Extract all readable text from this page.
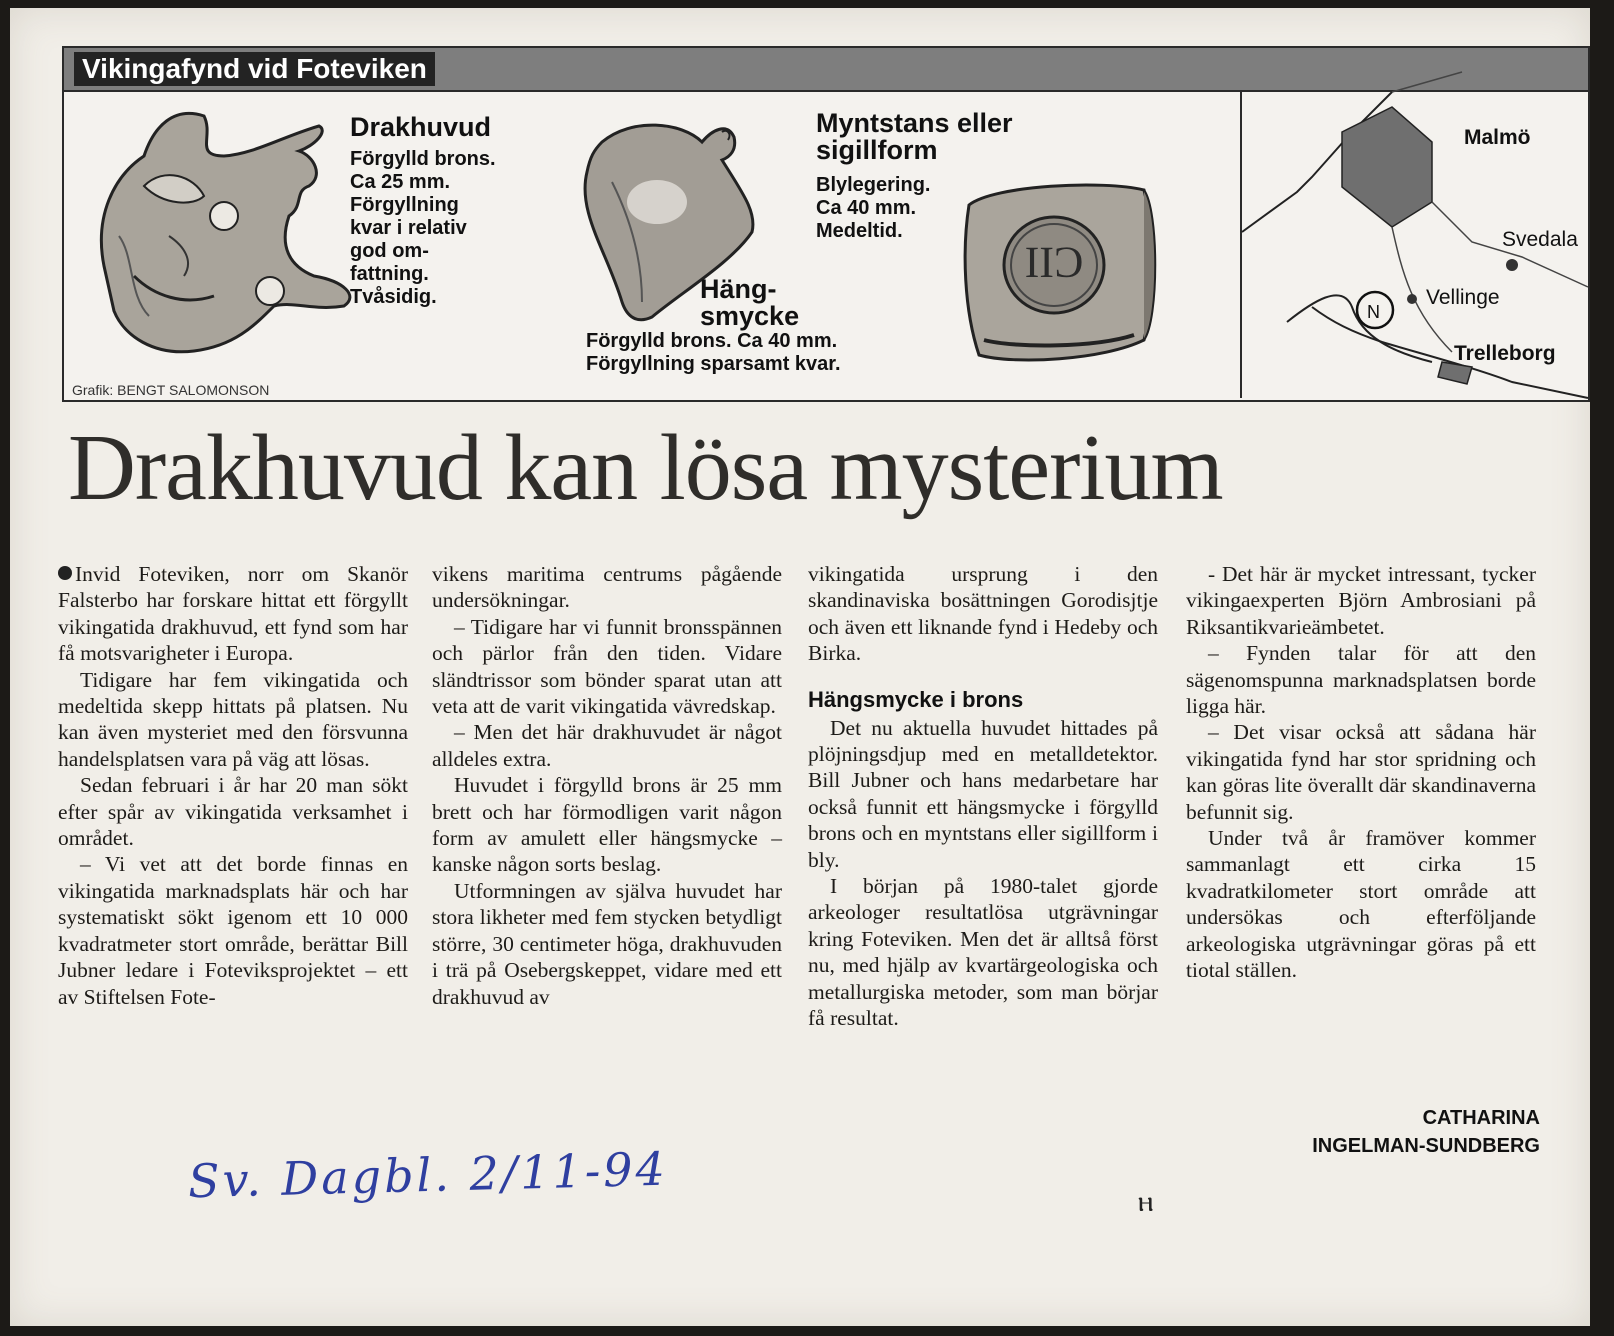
Vikingafynd vid Foteviken
Drakhuvud
Förgylld brons.
Ca 25 mm.
Förgyllning
kvar i relativ
god om-
fattning.
Tvåsidig.	Häng-
smycke
Förgylld brons. Ca 40 mm.
Förgyllning sparsamt kvar.
Myntstans eller
sigillform
Blylegering.
Ca 40 mm.
Medeltid.
CII
Grafik: BENGT SALOMONSON
N
Malmö
Svedala
Vellinge
Trelleborg
Drakhuvud kan lösa mysterium

Invid Foteviken, norr om Skanör Falsterbo har forskare hittat ett förgyllt vikingatida drakhuvud, ett fynd som har få motsvarigheter i Europa.

Tidigare har fem vikingatida och medeltida skepp hittats på platsen. Nu kan även mysteriet med den försvunna handelsplatsen vara på väg att lösas.

Sedan februari i år har 20 man sökt efter spår av vikingatida verksamhet i området.

– Vi vet att det borde finnas en vikingatida marknadsplats här och har systematiskt sökt igenom ett 10 000 kvadratmeter stort område, berättar Bill Jubner ledare i Foteviksprojektet – ett av Stiftelsen Fote-

vikens maritima centrums pågående undersökningar.

– Tidigare har vi funnit bronsspännen och pärlor från den tiden. Vidare sländtrissor som bönder sparat utan att veta att de varit vikingatida vävredskap.

– Men det här drakhuvudet är något alldeles extra.

Huvudet i förgylld brons är 25 mm brett och har förmodligen varit någon form av amulett eller hängsmycke – kanske någon sorts beslag.

Utformningen av själva huvudet har stora likheter med fem stycken betydligt större, 30 centimeter höga, drakhuvuden i trä på Osebergskeppet, vidare med ett drakhuvud av

vikingatida ursprung i den skandinaviska bosättningen Gorodisjtje och även ett liknande fynd i Hedeby och Birka.

Hängsmycke i brons

Det nu aktuella huvudet hittades på plöjningsdjup med en metalldetektor. Bill Jubner och hans medarbetare har också funnit ett hängsmycke i förgylld brons och en myntstans eller sigillform i bly.

I början på 1980-talet gjorde arkeologer resultatlösa utgrävningar kring Foteviken. Men det är alltså först nu, med hjälp av kvartärgeologiska och metallurgiska metoder, som man börjar få resultat.

- Det här är mycket intressant, tycker vikingaexperten Björn Ambrosiani på Riksantikvarieämbetet.

– Fynden talar för att den sägenomspunna marknadsplatsen borde ligga här.

– Det visar också att sådana här vikingatida fynd har stor spridning och kan göras lite överallt där skandinaverna befunnit sig.

Under två år framöver kommer sammanlagt ett cirka 15 kvadratkilometer stort område att undersökas och efterföljande arkeologiska utgrävningar göras på ett tiotal ställen.

CATHARINA
INGELMAN-SUNDBERG
Sv. Dagbl. 2/11-94	ⲏ
